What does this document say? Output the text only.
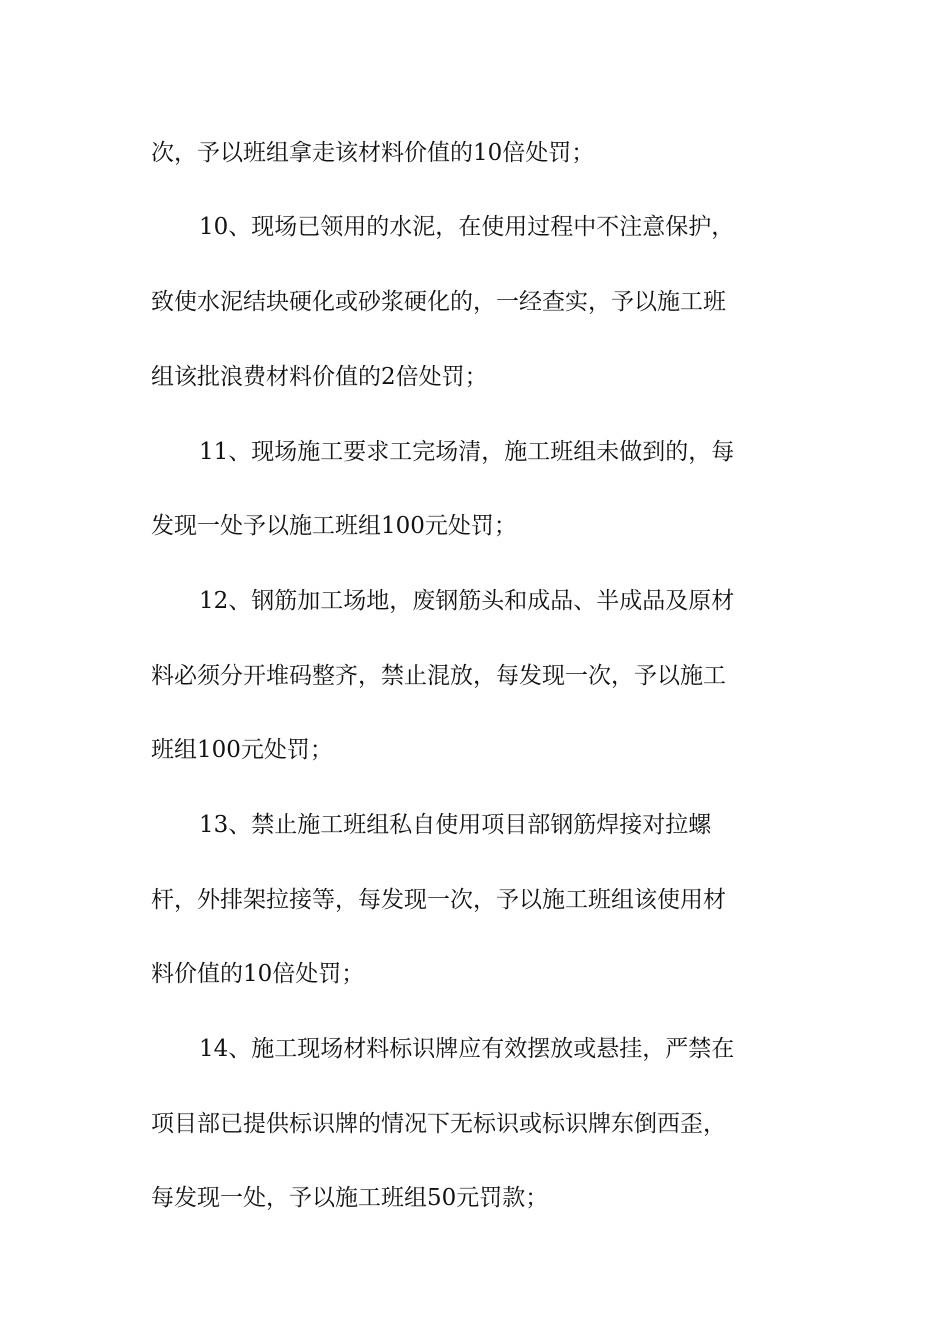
次，予以班组拿走该材料价值的10倍处罚；
10、现场已领用的水泥，在使用过程中不注意保护，
致使水泥结块硬化或砂浆硬化的，一经查实，予以施工班
组该批浪费材料价值的2倍处罚；
11、现场施工要求工完场清，施工班组未做到的，每
发现一处予以施工班组100元处罚；
12、钢筋加工场地，废钢筋头和成品、半成品及原材
料必须分开堆码整齐，禁止混放，每发现一次，予以施工
班组100元处罚；
13、禁止施工班组私自使用项目部钢筋焊接对拉螺
杆，外排架拉接等，每发现一次，予以施工班组该使用材
料价值的10倍处罚；
14、施工现场材料标识牌应有效摆放或悬挂，严禁在
项目部已提供标识牌的情况下无标识或标识牌东倒西歪，
每发现一处，予以施工班组50元罚款；
